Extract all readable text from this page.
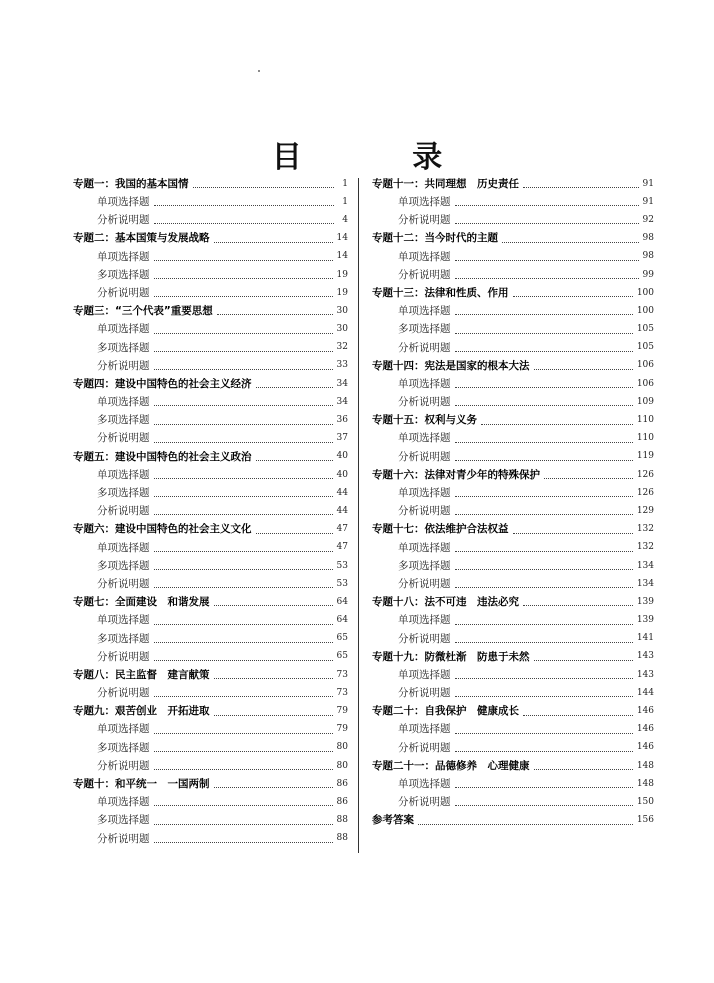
目 录
专题一：我国的基本国情	1
单项选择题	1
分析说明题	4
专题二：基本国策与发展战略	14
单项选择题	14
多项选择题	19
分析说明题	19
专题三：“三个代表”重要思想	30
单项选择题	30
多项选择题	32
分析说明题	33
专题四：建设中国特色的社会主义经济	34
单项选择题	34
多项选择题	36
分析说明题	37
专题五：建设中国特色的社会主义政治	40
单项选择题	40
多项选择题	44
分析说明题	44
专题六：建设中国特色的社会主义文化	47
单项选择题	47
多项选择题	53
分析说明题	53
专题七：全面建设　和谐发展	64
单项选择题	64
多项选择题	65
分析说明题	65
专题八：民主监督　建言献策	73
分析说明题	73
专题九：艰苦创业　开拓进取	79
单项选择题	79
多项选择题	80
分析说明题	80
专题十：和平统一　一国两制	86
单项选择题	86
多项选择题	88
分析说明题	88
专题十一：共同理想　历史责任	91
单项选择题	91
分析说明题	92
专题十二：当今时代的主题	98
单项选择题	98
分析说明题	99
专题十三：法律和性质、作用	100
单项选择题	100
多项选择题	105
分析说明题	105
专题十四：宪法是国家的根本大法	106
单项选择题	106
分析说明题	109
专题十五：权利与义务	110
单项选择题	110
分析说明题	119
专题十六：法律对青少年的特殊保护	126
单项选择题	126
分析说明题	129
专题十七：依法维护合法权益	132
单项选择题	132
多项选择题	134
分析说明题	134
专题十八：法不可违　违法必究	139
单项选择题	139
分析说明题	141
专题十九：防微杜渐　防患于未然	143
单项选择题	143
分析说明题	144
专题二十：自我保护　健康成长	146
单项选择题	146
分析说明题	146
专题二十一：品德修养　心理健康	148
单项选择题	148
分析说明题	150
参考答案	156
